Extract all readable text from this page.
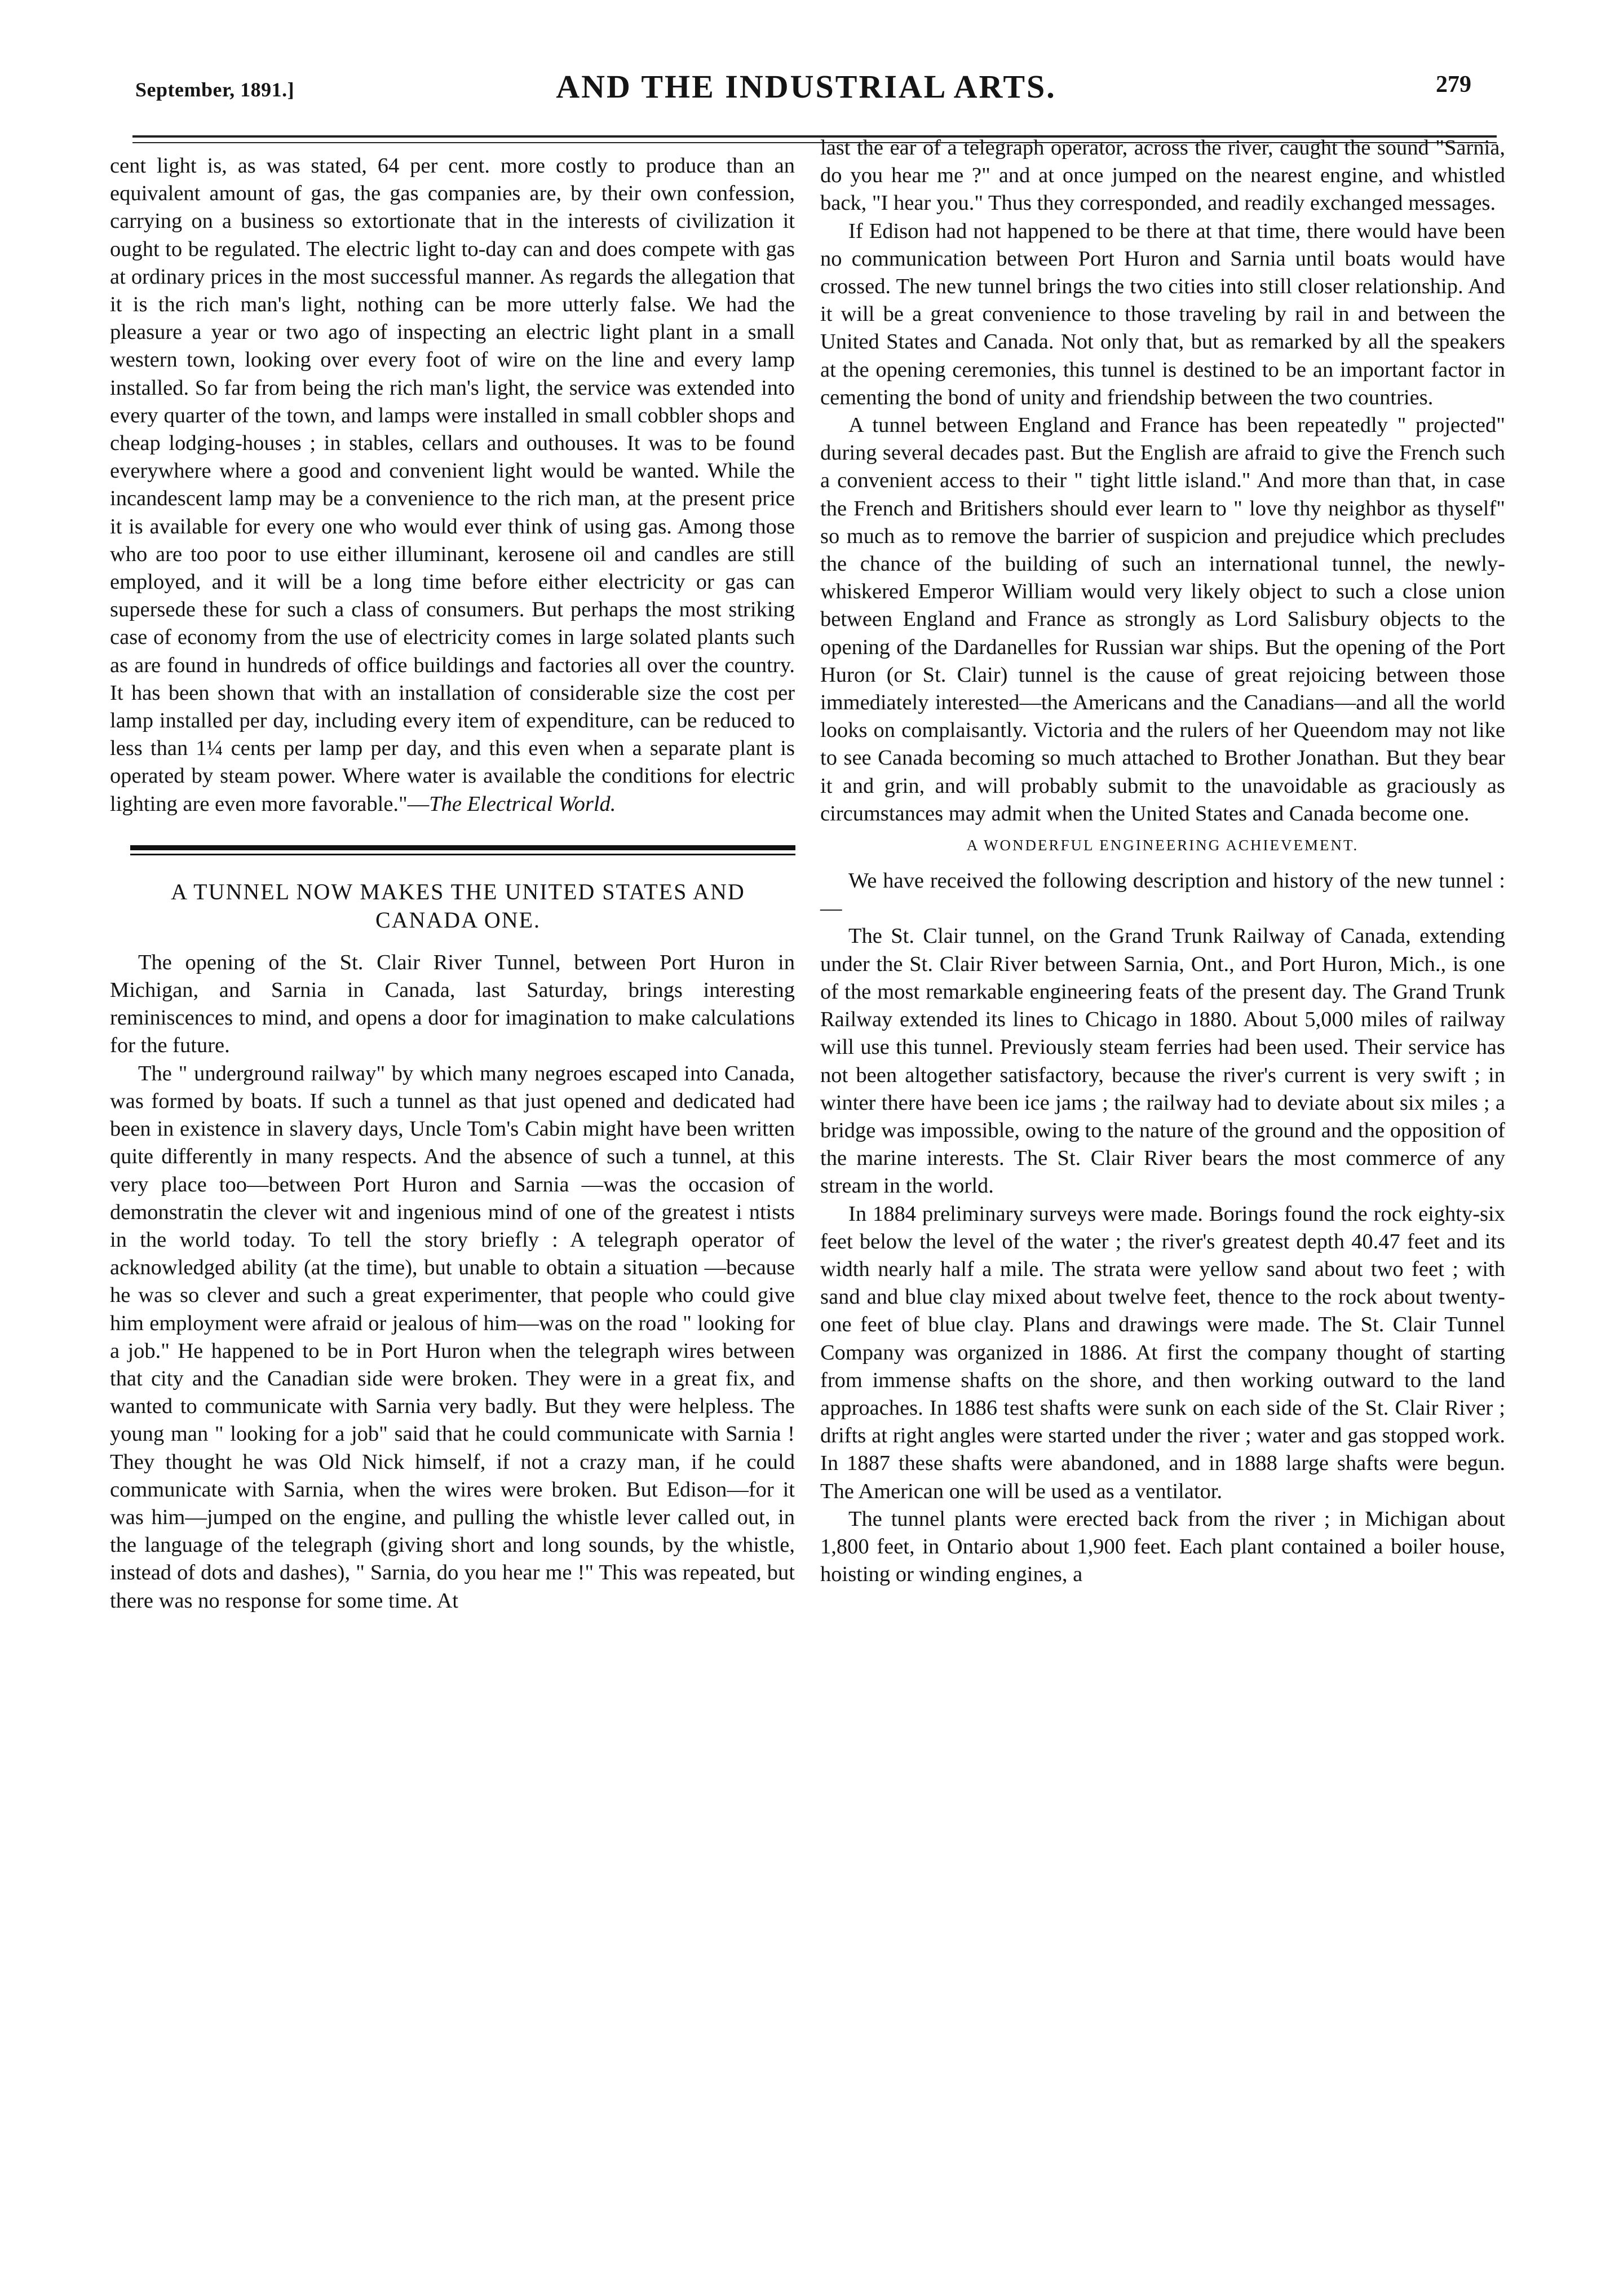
September, 1891.]	AND THE INDUSTRIAL ARTS.	279

cent light is, as was stated, 64 per cent. more costly to produce than an equivalent amount of gas, the gas companies are, by their own confession, carrying on a business so extortionate that in the interests of civilization it ought to be regulated. The electric light to-day can and does compete with gas at ordinary prices in the most successful manner. As regards the allegation that it is the rich man's light, nothing can be more utterly false. We had the pleasure a year or two ago of inspecting an electric light plant in a small western town, looking over every foot of wire on the line and every lamp installed. So far from being the rich man's light, the service was extended into every quarter of the town, and lamps were installed in small cobbler shops and cheap lodging-houses ; in stables, cellars and outhouses. It was to be found everywhere where a good and convenient light would be wanted. While the incandescent lamp may be a convenience to the rich man, at the present price it is available for every one who would ever think of using gas. Among those who are too poor to use either illuminant, kerosene oil and candles are still employed, and it will be a long time before either electricity or gas can supersede these for such a class of consumers. But perhaps the most striking case of economy from the use of electricity comes in large solated plants such as are found in hundreds of office buildings and factories all over the country. It has been shown that with an installation of considerable size the cost per lamp installed per day, including every item of expenditure, can be reduced to less than 1¼ cents per lamp per day, and this even when a separate plant is operated by steam power. Where water is available the conditions for electric lighting are even more favorable."—The Electrical World.

A TUNNEL NOW MAKES THE UNITED STATES AND CANADA ONE.

The opening of the St. Clair River Tunnel, between Port Huron in Michigan, and Sarnia in Canada, last Saturday, brings interesting reminiscences to mind, and opens a door for imagination to make calculations for the future.

The " underground railway" by which many negroes escaped into Canada, was formed by boats. If such a tunnel as that just opened and dedicated had been in existence in slavery days, Uncle Tom's Cabin might have been written quite differently in many respects. And the absence of such a tunnel, at this very place too—between Port Huron and Sarnia —was the occasion of demonstratin the clever wit and ingenious mind of one of the greatest i ntists in the world today. To tell the story briefly : A telegraph operator of acknowledged ability (at the time), but unable to obtain a situation —because he was so clever and such a great experimenter, that people who could give him employment were afraid or jealous of him—was on the road " looking for a job." He happened to be in Port Huron when the telegraph wires between that city and the Canadian side were broken. They were in a great fix, and wanted to communicate with Sarnia very badly. But they were helpless. The young man " looking for a job" said that he could communicate with Sarnia ! They thought he was Old Nick himself, if not a crazy man, if he could communicate with Sarnia, when the wires were broken. But Edison—for it was him—jumped on the engine, and pulling the whistle lever called out, in the language of the telegraph (giving short and long sounds, by the whistle, instead of dots and dashes), " Sarnia, do you hear me !" This was repeated, but there was no response for some time. At

last the ear of a telegraph operator, across the river, caught the sound "Sarnia, do you hear me ?" and at once jumped on the nearest engine, and whistled back, "I hear you." Thus they corresponded, and readily exchanged messages.

If Edison had not happened to be there at that time, there would have been no communication between Port Huron and Sarnia until boats would have crossed. The new tunnel brings the two cities into still closer relationship. And it will be a great convenience to those traveling by rail in and between the United States and Canada. Not only that, but as remarked by all the speakers at the opening ceremonies, this tunnel is destined to be an important factor in cementing the bond of unity and friendship between the two countries.

A tunnel between England and France has been repeatedly " projected" during several decades past. But the English are afraid to give the French such a convenient access to their " tight little island." And more than that, in case the French and Britishers should ever learn to " love thy neighbor as thyself" so much as to remove the barrier of suspicion and prejudice which precludes the chance of the building of such an international tunnel, the newly-whiskered Emperor William would very likely object to such a close union between England and France as strongly as Lord Salisbury objects to the opening of the Dardanelles for Russian war ships. But the opening of the Port Huron (or St. Clair) tunnel is the cause of great rejoicing between those immediately interested—the Americans and the Canadians—and all the world looks on complaisantly. Victoria and the rulers of her Queendom may not like to see Canada becoming so much attached to Brother Jonathan. But they bear it and grin, and will probably submit to the unavoidable as graciously as circumstances may admit when the United States and Canada become one.

A WONDERFUL ENGINEERING ACHIEVEMENT.

We have received the following description and history of the new tunnel :—

The St. Clair tunnel, on the Grand Trunk Railway of Canada, extending under the St. Clair River between Sarnia, Ont., and Port Huron, Mich., is one of the most remarkable engineering feats of the present day. The Grand Trunk Railway extended its lines to Chicago in 1880. About 5,000 miles of railway will use this tunnel. Previously steam ferries had been used. Their service has not been altogether satisfactory, because the river's current is very swift ; in winter there have been ice jams ; the railway had to deviate about six miles ; a bridge was impossible, owing to the nature of the ground and the opposition of the marine interests. The St. Clair River bears the most commerce of any stream in the world.

In 1884 preliminary surveys were made. Borings found the rock eighty-six feet below the level of the water ; the river's greatest depth 40.47 feet and its width nearly half a mile. The strata were yellow sand about two feet ; with sand and blue clay mixed about twelve feet, thence to the rock about twenty-one feet of blue clay. Plans and drawings were made. The St. Clair Tunnel Company was organized in 1886. At first the company thought of starting from immense shafts on the shore, and then working outward to the land approaches. In 1886 test shafts were sunk on each side of the St. Clair River ; drifts at right angles were started under the river ; water and gas stopped work. In 1887 these shafts were abandoned, and in 1888 large shafts were begun. The American one will be used as a ventilator.

The tunnel plants were erected back from the river ; in Michigan about 1,800 feet, in Ontario about 1,900 feet. Each plant contained a boiler house, hoisting or winding engines, a
